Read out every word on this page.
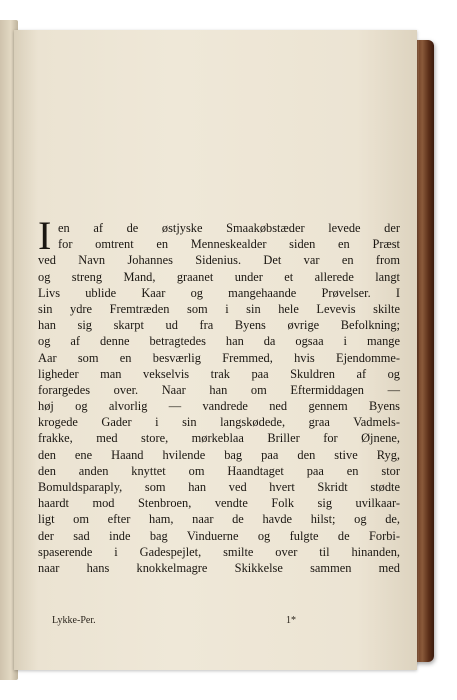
I en af de østjyske Smaakøbstæder levede der
for omtrent en Menneskealder siden en Præst
ved Navn Johannes Sidenius. Det var en from
og streng Mand, graanet under et allerede langt
Livs ublide Kaar og mangehaande Prøvelser. I
sin ydre Fremtræden som i sin hele Levevis skilte
han sig skarpt ud fra Byens øvrige Befolkning;
og af denne betragtedes han da ogsaa i mange
Aar som en besværlig Fremmed, hvis Ejendomme-
ligheder man vekselvis trak paa Skuldren af og
forargedes over. Naar han om Eftermiddagen —
høj og alvorlig — vandrede ned gennem Byens
krogede Gader i sin langskødede, graa Vadmels-
frakke, med store, mørkeblaa Briller for Øjnene,
den ene Haand hvilende bag paa den stive Ryg,
den anden knyttet om Haandtaget paa en stor
Bomuldsparaply, som han ved hvert Skridt stødte
haardt mod Stenbroen, vendte Folk sig uvilkaar-
ligt om efter ham, naar de havde hilst; og de,
der sad inde bag Vinduerne og fulgte de Forbi-
spaserende i Gadespejlet, smilte over til hinanden,
naar hans knokkelmagre Skikkelse sammen med
Lykke-Per.	1*
